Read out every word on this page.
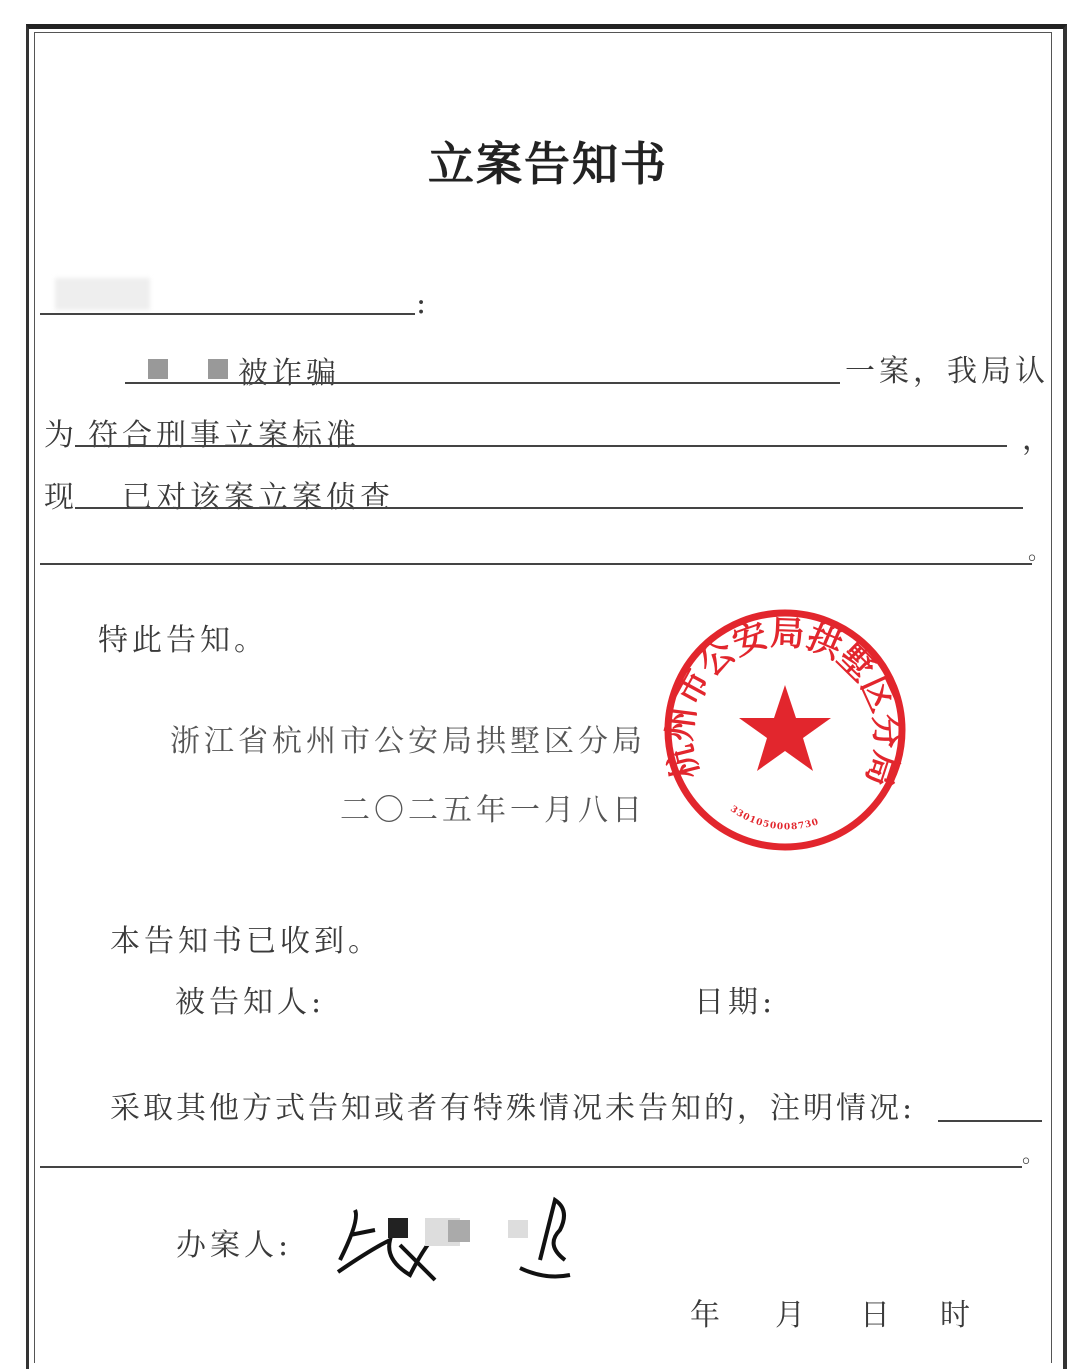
立案告知书
:
被诈骗	一案，我局认
为 符合刑事立案标准	，
现 已对该案立案侦查
。
特此告知。
浙江省杭州市公安局拱墅区分局
二〇二五年一月八日
杭州市公安局拱墅区分局
3301050008730
本告知书已收到。
被告知人:	日期:
采取其他方式告知或者有特殊情况未告知的，注明情况:
。
办案人:
年 月 日 时
